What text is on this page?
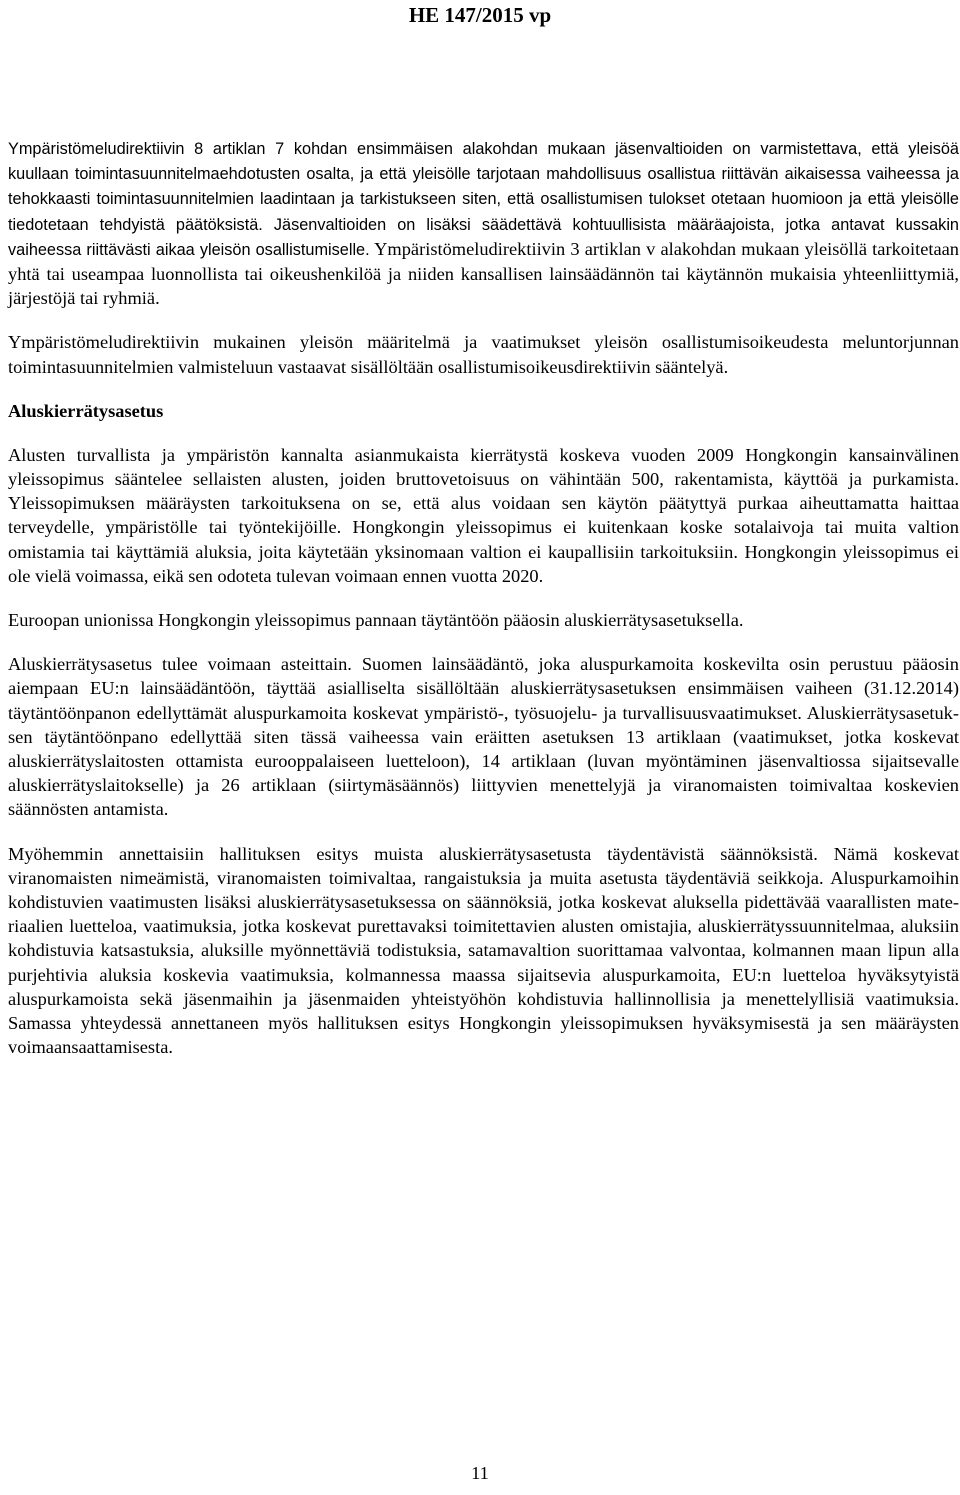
HE 147/2015 vp

Ympäristömeludirektiivin 8 artiklan 7 kohdan ensimmäisen alakohdan mukaan jäsenvaltioiden on varmistettava, että yleisöä kuullaan toimintasuunnitelmaehdotusten osalta, ja että yleisölle tarjotaan mahdollisuus osallistua riittävän aikaisessa vaiheessa ja tehokkaasti toimintasuunnitelmien laadintaan ja tarkistukseen siten, että osallistumisen tulokset otetaan huomioon ja että yleisölle tiedotetaan tehdyistä päätöksistä. Jäsenvaltioiden on lisäksi säädettävä kohtuullisista määräajoista, jotka antavat kussakin vaiheessa riittävästi aikaa yleisön osallistumiselle. Ympäristömeludirektiivin 3 artiklan v alakohdan mukaan yleisöllä tarkoitetaan yhtä tai useampaa luonnollista tai oikeushenkilöä ja niiden kansallisen lainsäädännön tai käytännön mukaisia yhteenliittymiä, järjestöjä tai ryhmiä.

Ympäristömeludirektiivin mukainen yleisön määritelmä ja vaatimukset yleisön osallistumisoikeudesta meluntorjunnan toimintasuunnitelmien valmisteluun vastaavat sisällöltään osallistumisoikeusdirektiivin sääntelyä.

Aluskierrätysasetus

Alusten turvallista ja ympäristön kannalta asianmukaista kierrätystä koskeva vuoden 2009 Hongkongin kansainvälinen yleissopimus sääntelee sellaisten alusten, joiden bruttovetoisuus on vähintään 500, rakentamista, käyttöä ja purkamista. Yleissopimuksen määräysten tarkoituksena on se, että alus voidaan sen käytön päätyttyä purkaa aiheuttamatta haittaa terveydelle, ympäristölle tai työntekijöille. Hongkongin yleissopimus ei kuitenkaan koske sotalaivoja tai muita valtion omistamia tai käyttämiä aluksia, joita käytetään yksinomaan valtion ei kaupallisiin tarkoituksiin. Hongkongin yleissopimus ei ole vielä voimassa, eikä sen odoteta tulevan voimaan ennen vuotta 2020.

Euroopan unionissa Hongkongin yleissopimus pannaan täytäntöön pääosin aluskierrätysasetuksella.

Aluskierrätysasetus tulee voimaan asteittain. Suomen lainsäädäntö, joka aluspurkamoita koskevilta osin perustuu pääosin aiempaan EU:n lainsäädäntöön, täyttää asialliselta sisällöltään aluskierrätysasetuksen ensimmäisen vaiheen (31.12.2014) täytäntöönpanon edellyttämät aluspurkamoita koskevat ympäristö-, työsuojelu- ja turvallisuusvaatimukset. Aluskierrätysasetuksen täytäntöönpano edellyttää siten tässä vaiheessa vain eräitten asetuksen 13 artiklaan (vaatimukset, jotka koskevat aluskierrätyslaitosten ottamista eurooppalaiseen luetteloon), 14 artiklaan (luvan myöntäminen jäsenvaltiossa sijaitsevalle aluskierrätyslaitokselle) ja 26 artiklaan (siirtymäsäännös) liittyvien menettelyjä ja viranomaisten toimivaltaa koskevien säännösten antamista.

Myöhemmin annettaisiin hallituksen esitys muista aluskierrätysasetusta täydentävistä säännöksistä. Nämä koskevat viranomaisten nimeämistä, viranomaisten toimivaltaa, rangaistuksia ja muita asetusta täydentäviä seikkoja. Aluspurkamoihin kohdistuvien vaatimusten lisäksi aluskierrätysasetuksessa on säännöksiä, jotka koskevat aluksella pidettävää vaarallisten materiaalien luetteloa, vaatimuksia, jotka koskevat purettavaksi toimitettavien alusten omistajia, aluskierrätyssuunnitelmaa, aluksiin kohdistuvia katsastuksia, aluksille myönnettäviä todistuksia, satamavaltion suorittamaa valvontaa, kolmannen maan lipun alla purjehtivia aluksia koskevia vaatimuksia, kolmannessa maassa sijaitsevia aluspurkamoita, EU:n luetteloa hyväksytyistä aluspurkamoista sekä jäsenmaihin ja jäsenmaiden yhteistyöhön kohdistuvia hallinnollisia ja menettelyllisiä vaatimuksia. Samassa yhteydessä annettaneen myös hallituksen esitys Hongkongin yleissopimuksen hyväksymisestä ja sen määräysten voimaansaattamisesta.

11
